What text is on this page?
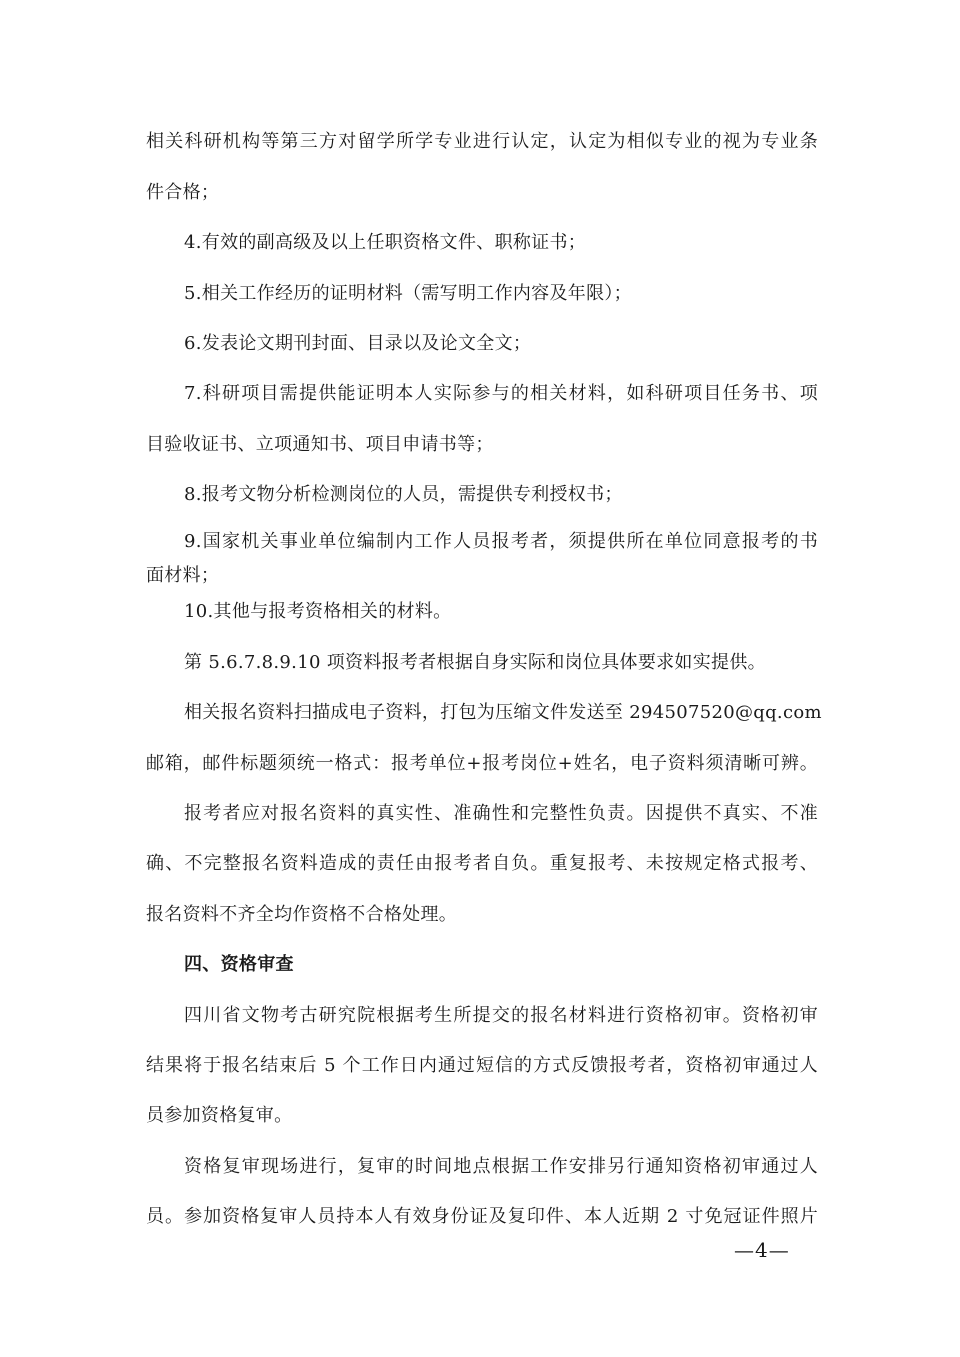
相关科研机构等第三方对留学所学专业进行认定，认定为相似专业的视为专业条
件合格；
4.有效的副高级及以上任职资格文件、职称证书；
5.相关工作经历的证明材料（需写明工作内容及年限）；
6.发表论文期刊封面、目录以及论文全文；
7.科研项目需提供能证明本人实际参与的相关材料，如科研项目任务书、项
目验收证书、立项通知书、项目申请书等；
8.报考文物分析检测岗位的人员，需提供专利授权书；
9.国家机关事业单位编制内工作人员报考者，须提供所在单位同意报考的书
面材料；
10.其他与报考资格相关的材料。
第 5.6.7.8.9.10 项资料报考者根据自身实际和岗位具体要求如实提供。
相关报名资料扫描成电子资料，打包为压缩文件发送至 294507520@qq.com
邮箱，邮件标题须统一格式：报考单位+报考岗位+姓名，电子资料须清晰可辨。
报考者应对报名资料的真实性、准确性和完整性负责。因提供不真实、不准
确、不完整报名资料造成的责任由报考者自负。重复报考、未按规定格式报考、
报名资料不齐全均作资格不合格处理。
四、资格审查
四川省文物考古研究院根据考生所提交的报名材料进行资格初审。资格初审
结果将于报名结束后 5 个工作日内通过短信的方式反馈报考者，资格初审通过人
员参加资格复审。
资格复审现场进行，复审的时间地点根据工作安排另行通知资格初审通过人
员。参加资格复审人员持本人有效身份证及复印件、本人近期 2 寸免冠证件照片
—4—
